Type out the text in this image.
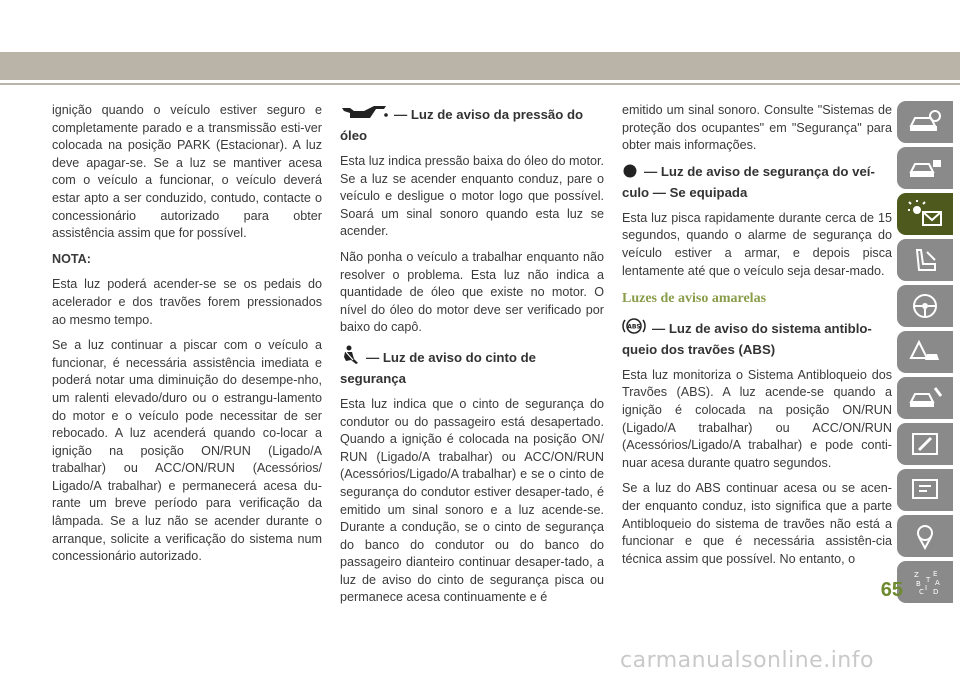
ignição quando o veículo estiver seguro e completamente parado e a transmissão esti-ver colocada na posição PARK (Estacionar). A luz deve apagar-se. Se a luz se mantiver acesa com o veículo a funcionar, o veículo deverá estar apto a ser conduzido, contudo, contacte o concessionário autorizado para obter assistência assim que for possível.

NOTA:

Esta luz poderá acender-se se os pedais do acelerador e dos travões forem pressionados ao mesmo tempo.

Se a luz continuar a piscar com o veículo a funcionar, é necessária assistência imediata e poderá notar uma diminuição do desempe-nho, um ralenti elevado/duro ou o estrangu-lamento do motor e o veículo pode necessitar de ser rebocado. A luz acenderá quando co-locar a ignição na posição ON/RUN (Ligado/A trabalhar) ou ACC/ON/RUN (Acessórios/ Ligado/A trabalhar) e permanecerá acesa du-rante um breve período para verificação da lâmpada. Se a luz não se acender durante o arranque, solicite a verificação do sistema num concessionário autorizado.

— Luz de aviso da pressão do óleo

Esta luz indica pressão baixa do óleo do motor. Se a luz se acender enquanto conduz, pare o veículo e desligue o motor logo que possível. Soará um sinal sonoro quando esta luz se acender.

Não ponha o veículo a trabalhar enquanto não resolver o problema. Esta luz não indica a quantidade de óleo que existe no motor. O nível do óleo do motor deve ser verificado por baixo do capô.

— Luz de aviso do cinto de segurança

Esta luz indica que o cinto de segurança do condutor ou do passageiro está desapertado. Quando a ignição é colocada na posição ON/ RUN (Ligado/A trabalhar) ou ACC/ON/RUN (Acessórios/Ligado/A trabalhar) e se o cinto de segurança do condutor estiver desaper-tado, é emitido um sinal sonoro e a luz acende-se. Durante a condução, se o cinto de segurança do banco do condutor ou do banco do passageiro dianteiro continuar desaper-tado, a luz de aviso do cinto de segurança pisca ou permanece acesa continuamente e é

emitido um sinal sonoro. Consulte "Sistemas de proteção dos ocupantes" em "Segurança" para obter mais informações.

— Luz de aviso de segurança do veí-culo — Se equipada

Esta luz pisca rapidamente durante cerca de 15 segundos, quando o alarme de segurança do veículo estiver a armar, e depois pisca lentamente até que o veículo seja desar-mado.

Luzes de aviso amarelas
ABS — Luz de aviso do sistema antiblo-queio dos travões (ABS)

Esta luz monitoriza o Sistema Antibloqueio dos Travões (ABS). A luz acende-se quando a ignição é colocada na posição ON/RUN (Ligado/A trabalhar) ou ACC/ON/RUN (Acessórios/Ligado/A trabalhar) e pode conti-nuar acesa durante quatro segundos.

Se a luz do ABS continuar acesa ou se acen-der enquanto conduz, isto significa que a parte Antibloqueio do sistema de travões não está a funcionar e que é necessária assistên-cia técnica assim que possível. No entanto, o

Z E
B A
C D
I
T
65
carmanualsonline.info
